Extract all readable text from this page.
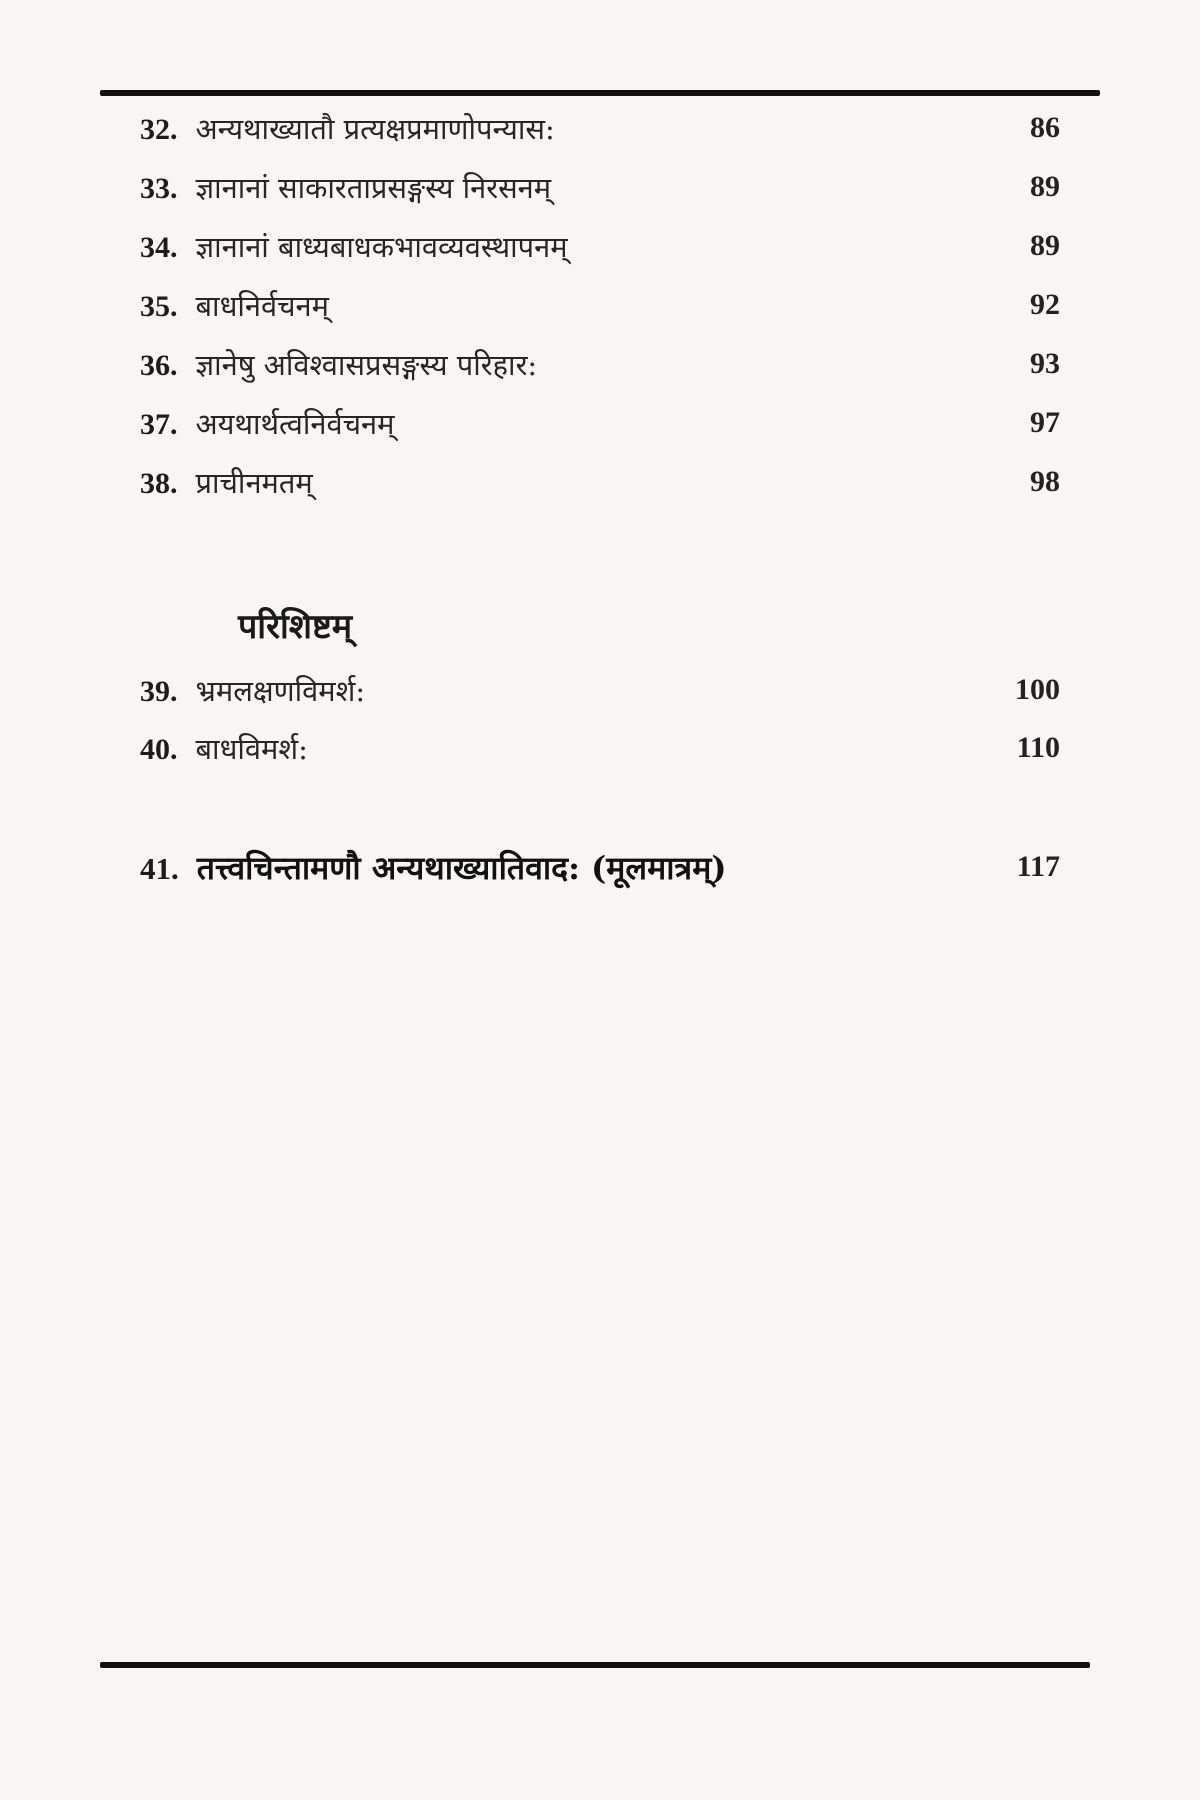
32. अन्यथाख्यातौ प्रत्यक्षप्रमाणोपन्यास:	86
33. ज्ञानानां साकारताप्रसङ्गस्य निरसनम्	89
34. ज्ञानानां बाध्यबाधकभावव्यवस्थापनम्	89
35. बाधनिर्वचनम्	92
36. ज्ञानेषु अविश्वासप्रसङ्गस्य परिहार:	93
37. अयथार्थत्वनिर्वचनम्	97
38. प्राचीनमतम्	98
परिशिष्टम्
39. भ्रमलक्षणविमर्श:	100
40. बाधविमर्श:	110
41. तत्त्वचिन्तामणौ अन्यथाख्यातिवाद: (मूलमात्रम्)	117
